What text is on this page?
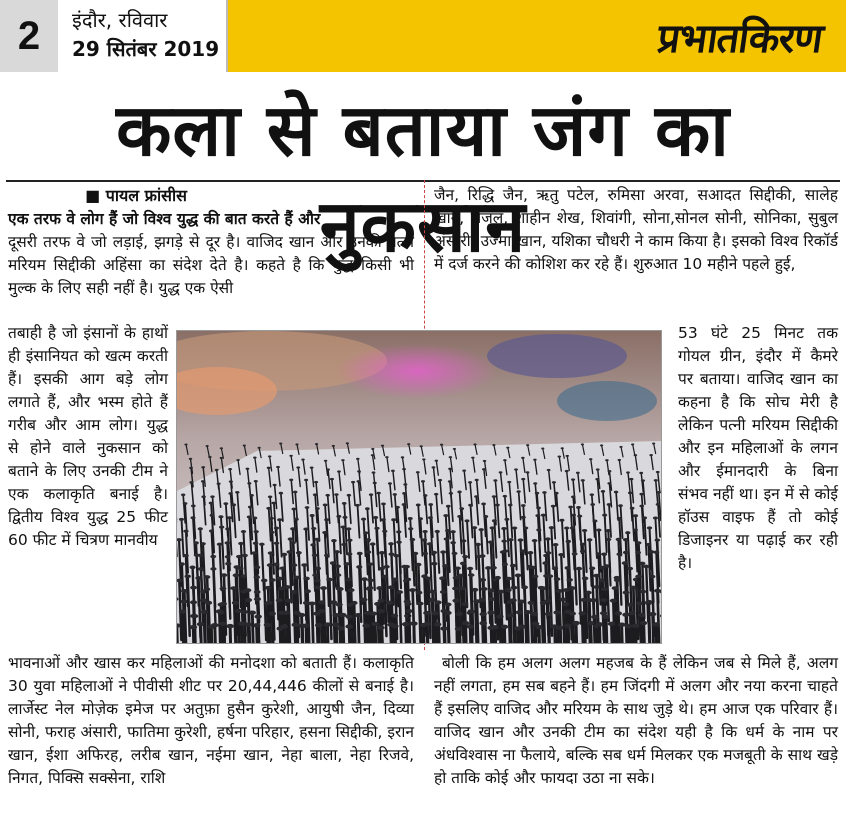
2	इंदौर, रविवार
29 सितंबर 2019	प्रभातकिरण
कला से बताया जंग का नुकसान

■ पायल फ्रांसीस

एक तरफ वे लोग हैं जो विश्व युद्ध की बात करते हैं और

दूसरी तरफ वे जो लड़ाई, झगड़े से दूर है। वाजिद खान और उनकी पत्नी मरियम सिद्दीकी अहिंसा का संदेश देते है। कहते है कि युद्ध किसी भी मुल्क के लिए सही नहीं है। युद्ध एक ऐसी

तबाही है जो इंसानों के हाथों ही इंसानियत को खत्म करती हैं। इसकी आग बड़े लोग लगाते हैं, और भस्म होते हैं गरीब और आम लोग। युद्ध से होने वाले नुकसान को बताने के लिए उनकी टीम ने एक कलाकृति बनाई है। द्वितीय विश्व युद्ध 25 फीट 60 फीट में चित्रण मानवीय

भावनाओं और खास कर महिलाओं की मनोदशा को बताती हैं। कलाकृति 30 युवा महिलाओं ने पीवीसी शीट पर 20,44,446 कीलों से बनाई है। लार्जेस्ट नेल मोज़ेक इमेज पर अतुफ़ा हुसैन कुरेशी, आयुषी जैन, दिव्या सोनी, फराह अंसारी, फातिमा कुरेशी, हर्षना परिहार, हसना सिद्दीकी, इरान खान, ईशा अफिरह, लरीब खान, नईमा खान, नेहा बाला, नेहा रिजवे, निगत, पिक्सि सक्सेना, राशि

जैन, रिद्धि जैन, ऋतु पटेल, रुमिसा अरवा, सआदत सिद्दीकी, सालेह खान, सेजल, शाहीन शेख, शिवांगी, सोना,सोनल सोनी, सोनिका, सुबुल अंसारी, उज्मा खान, यशिका चौधरी ने काम किया है। इसको विश्व रिकॉर्ड में दर्ज करने की कोशिश कर रहे हैं। शुरुआत 10 महीने पहले हुई,

53 घंटे 25 मिनट तक गोयल ग्रीन, इंदौर में कैमरे पर बताया। वाजिद खान का कहना है कि सोच मेरी है लेकिन पत्नी मरियम सिद्दीकी और इन महिलाओं के लगन और ईमानदारी के बिना संभव नहीं था। इन में से कोई हॉउस वाइफ हैं तो कोई डिजाइनर या पढ़ाई कर रही है।

बोली कि हम अलग अलग महजब के हैं लेकिन जब से मिले हैं, अलग नहीं लगता, हम सब बहने हैं। हम जिंदगी में अलग और नया करना चाहते हैं इसलिए वाजिद और मरियम के साथ जुड़े थे। हम आज एक परिवार हैं। वाजिद खान और उनकी टीम का संदेश यही है कि धर्म के नाम पर अंधविश्वास ना फैलाये, बल्कि सब धर्म मिलकर एक मजबूती के साथ खड़े हो ताकि कोई और फायदा उठा ना सके।
